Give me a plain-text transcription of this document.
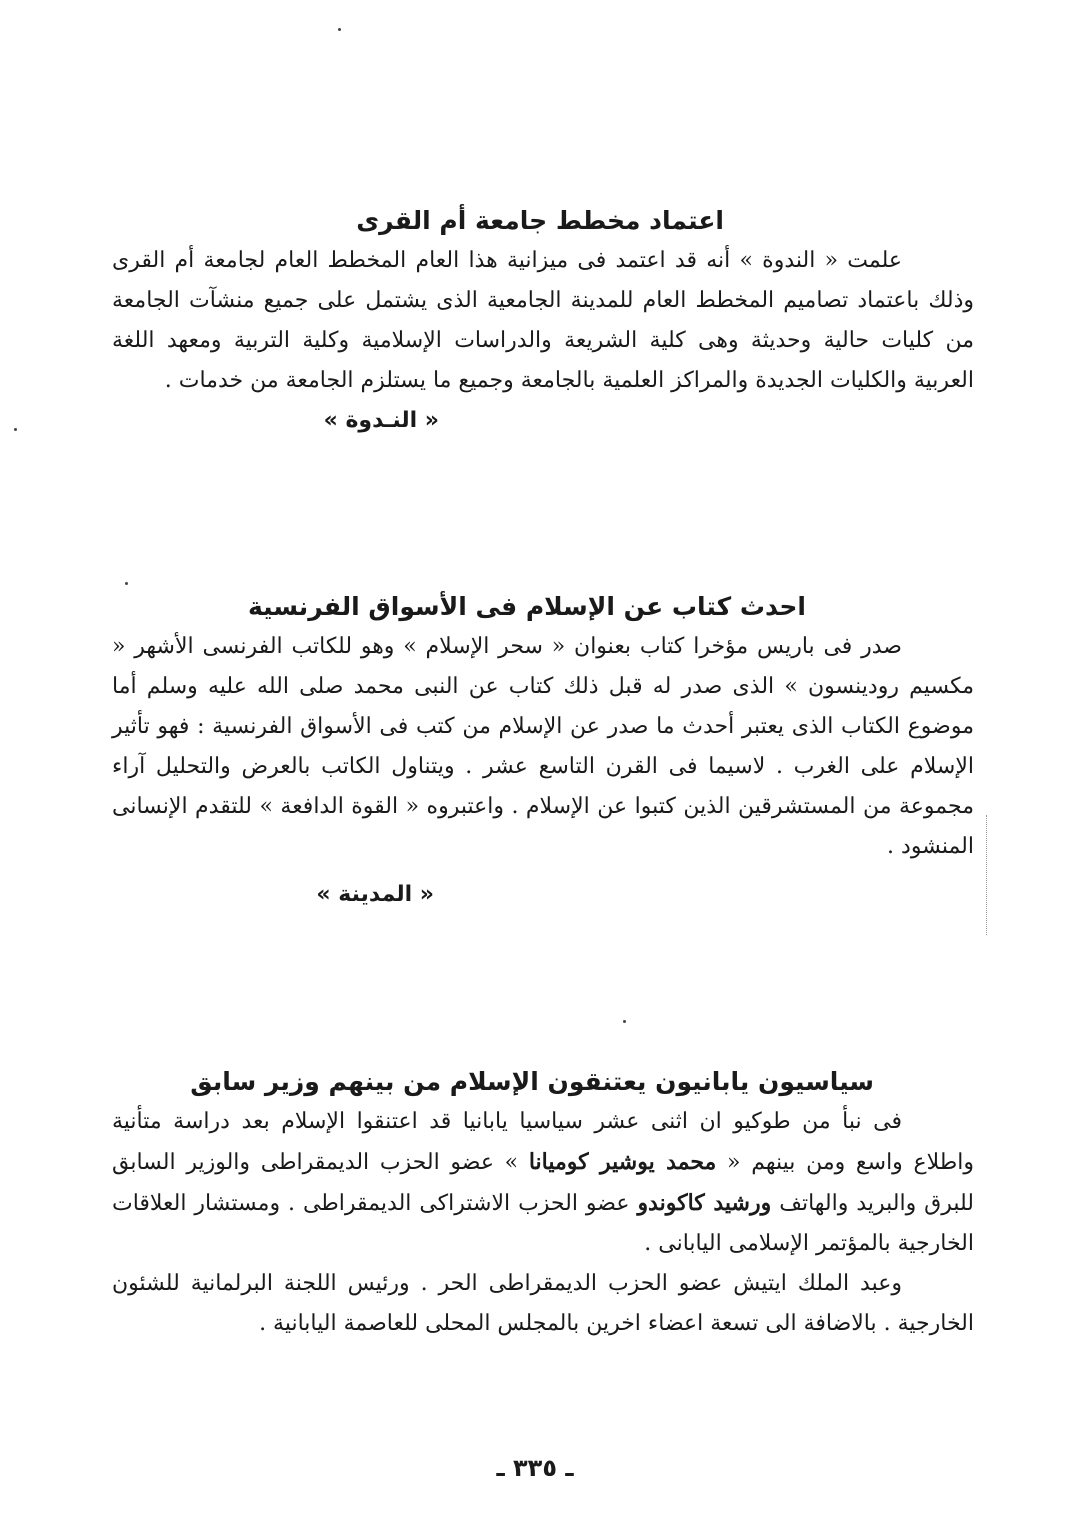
اعتماد مخطط جامعة أم القرى

علمت « الندوة » أنه قد اعتمد فى ميزانية هذا العام المخطط العام لجامعة أم القرى وذلك باعتماد تصاميم المخطط العام للمدينة الجامعية الذى يشتمل على جميع منشآت الجامعة من كليات حالية وحديثة وهى كلية الشريعة والدراسات الإسلامية وكلية التربية ومعهد اللغة العربية والكليات الجديدة والمراكز العلمية بالجامعة وجميع ما يستلزم الجامعة من خدمات .

« النـدوة »

احدث كتاب عن الإسلام فى الأسواق الفرنسية

صدر فى باريس مؤخرا كتاب بعنوان « سحر الإسلام » وهو للكاتب الفرنسى الأشهر « مكسيم رودينسون » الذى صدر له قبل ذلك كتاب عن النبى محمد صلى الله عليه وسلم أما موضوع الكتاب الذى يعتبر أحدث ما صدر عن الإسلام من كتب فى الأسواق الفرنسية : فهو تأثير الإسلام على الغرب . لاسيما فى القرن التاسع عشر . ويتناول الكاتب بالعرض والتحليل آراء مجموعة من المستشرقين الذين كتبوا عن الإسلام . واعتبروه « القوة الدافعة » للتقدم الإنسانى المنشود .

« المدينة »

سياسيون يابانيون يعتنقون الإسلام من بينهم وزير سابق

فى نبأ من طوكيو ان اثنى عشر سياسيا يابانيا قد اعتنقوا الإسلام بعد دراسة متأنية واطلاع واسع ومن بينهم « محمد يوشير كوميانا » عضو الحزب الديمقراطى والوزير السابق للبرق والبريد والهاتف ورشيد كاكوندو عضو الحزب الاشتراكى الديمقراطى . ومستشار العلاقات الخارجية بالمؤتمر الإسلامى اليابانى .

وعبد الملك ايتيش عضو الحزب الديمقراطى الحر . ورئيس اللجنة البرلمانية للشئون الخارجية . بالاضافة الى تسعة اعضاء اخرين بالمجلس المحلى للعاصمة اليابانية .

ـ ٣٣٥ ـ
